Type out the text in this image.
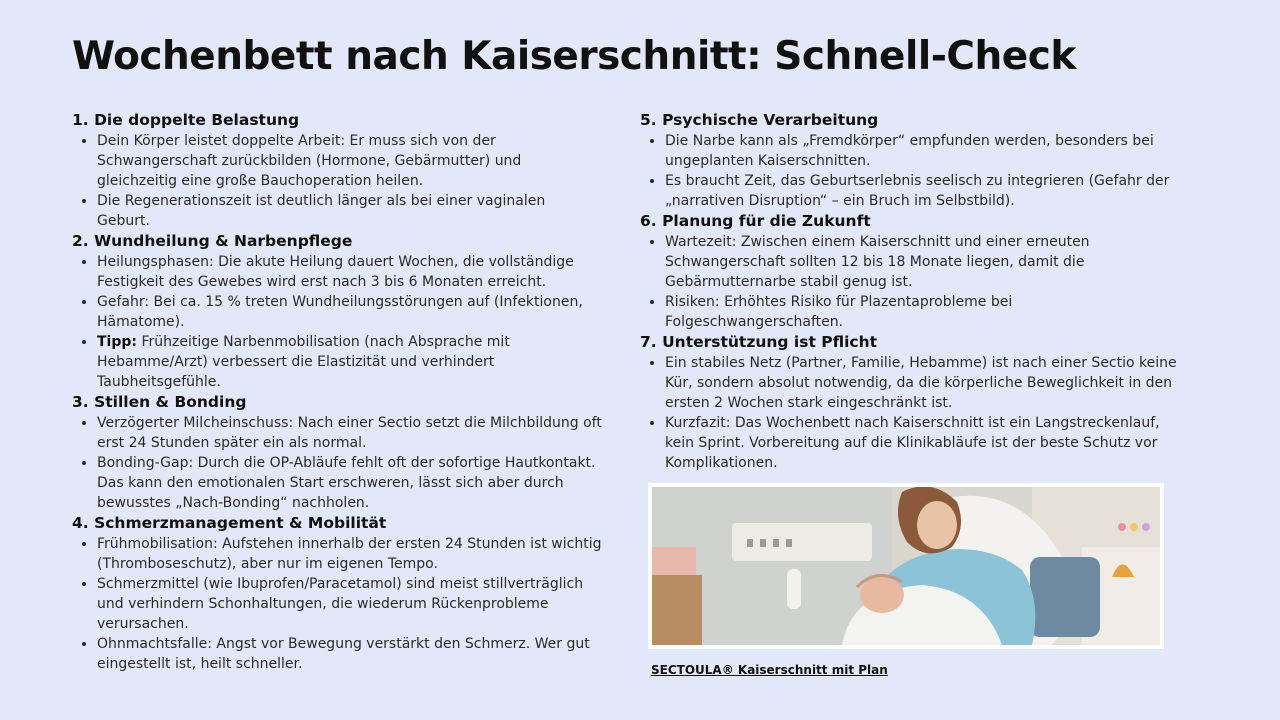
Wochenbett nach Kaiserschnitt: Schnell-Check
1. Die doppelte Belastung
• Dein Körper leistet doppelte Arbeit: Er muss sich von der Schwangerschaft zurückbilden (Hormone, Gebärmutter) und gleichzeitig eine große Bauchoperation heilen.
• Die Regenerationszeit ist deutlich länger als bei einer vaginalen Geburt.
2. Wundheilung & Narbenpflege
• Heilungsphasen: Die akute Heilung dauert Wochen, die vollständige Festigkeit des Gewebes wird erst nach 3 bis 6 Monaten erreicht.
• Gefahr: Bei ca. 15 % treten Wundheilungsstörungen auf (Infektionen, Hämatome).
• Tipp: Frühzeitige Narbenmobilisation (nach Absprache mit Hebamme/Arzt) verbessert die Elastizität und verhindert Taubheitsgefühle.
3. Stillen & Bonding
• Verzögerter Milcheinschuss: Nach einer Sectio setzt die Milchbildung oft erst 24 Stunden später ein als normal.
• Bonding-Gap: Durch die OP-Abläufe fehlt oft der sofortige Hautkontakt. Das kann den emotionalen Start erschweren, lässt sich aber durch bewusstes „Nach-Bonding“ nachholen.
4. Schmerzmanagement & Mobilität
• Frühmobilisation: Aufstehen innerhalb der ersten 24 Stunden ist wichtig (Thromboseschutz), aber nur im eigenen Tempo.
• Schmerzmittel (wie Ibuprofen/Paracetamol) sind meist stillverträglich und verhindern Schonhaltungen, die wiederum Rückenprobleme verursachen.
• Ohnmachtsfalle: Angst vor Bewegung verstärkt den Schmerz. Wer gut eingestellt ist, heilt schneller.
5. Psychische Verarbeitung
• Die Narbe kann als „Fremdkörper“ empfunden werden, besonders bei ungeplanten Kaiserschnitten.
• Es braucht Zeit, das Geburtserlebnis seelisch zu integrieren (Gefahr der „narrativen Disruption“ – ein Bruch im Selbstbild).
6. Planung für die Zukunft
• Wartezeit: Zwischen einem Kaiserschnitt und einer erneuten Schwangerschaft sollten 12 bis 18 Monate liegen, damit die Gebärmutternarbe stabil genug ist.
• Risiken: Erhöhtes Risiko für Plazentaprobleme bei Folgeschwangerschaften.
7. Unterstützung ist Pflicht
• Ein stabiles Netz (Partner, Familie, Hebamme) ist nach einer Sectio keine Kür, sondern absolut notwendig, da die körperliche Beweglichkeit in den ersten 2 Wochen stark eingeschränkt ist.
• Kurzfazit: Das Wochenbett nach Kaiserschnitt ist ein Langstreckenlauf, kein Sprint. Vorbereitung auf die Klinikabläufe ist der beste Schutz vor Komplikationen.
SECTOULA® Kaiserschnitt mit Plan
